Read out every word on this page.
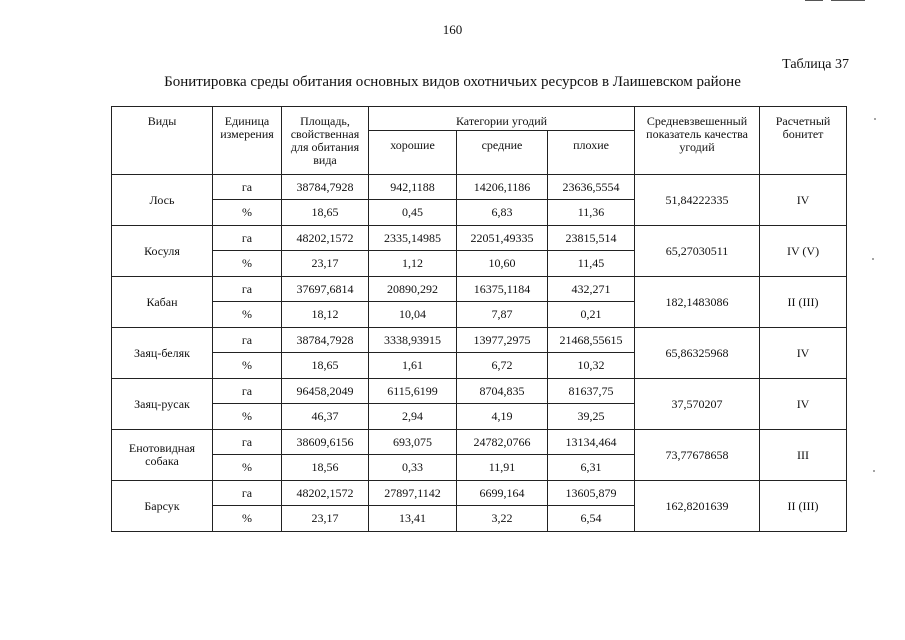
160
Таблица 37
Бонитировка среды обитания основных видов охотничьих ресурсов в Лаишевском районе
Виды	Единица измерения	Площадь, свойственная для обитания вида	Категории угодий			Средневзвешенный показатель качества угодий	Расчетный бонитет
			хорошие	средние	плохие		
Лось	га	38784,7928	942,1188	14206,1186	23636,5554	51,84222335	IV
	%	18,65	0,45	6,83	11,36		
Косуля	га	48202,1572	2335,14985	22051,49335	23815,514	65,27030511	IV (V)
	%	23,17	1,12	10,60	11,45		
Кабан	га	37697,6814	20890,292	16375,1184	432,271	182,1483086	II (III)
	%	18,12	10,04	7,87	0,21		
Заяц-беляк	га	38784,7928	3338,93915	13977,2975	21468,55615	65,86325968	IV
	%	18,65	1,61	6,72	10,32		
Заяц-русак	га	96458,2049	6115,6199	8704,835	81637,75	37,570207	IV
	%	46,37	2,94	4,19	39,25		
Енотовидная собака	га	38609,6156	693,075	24782,0766	13134,464	73,77678658	III
	%	18,56	0,33	11,91	6,31		
Барсук	га	48202,1572	27897,1142	6699,164	13605,879	162,8201639	II (III)
	%	23,17	13,41	3,22	6,54		
